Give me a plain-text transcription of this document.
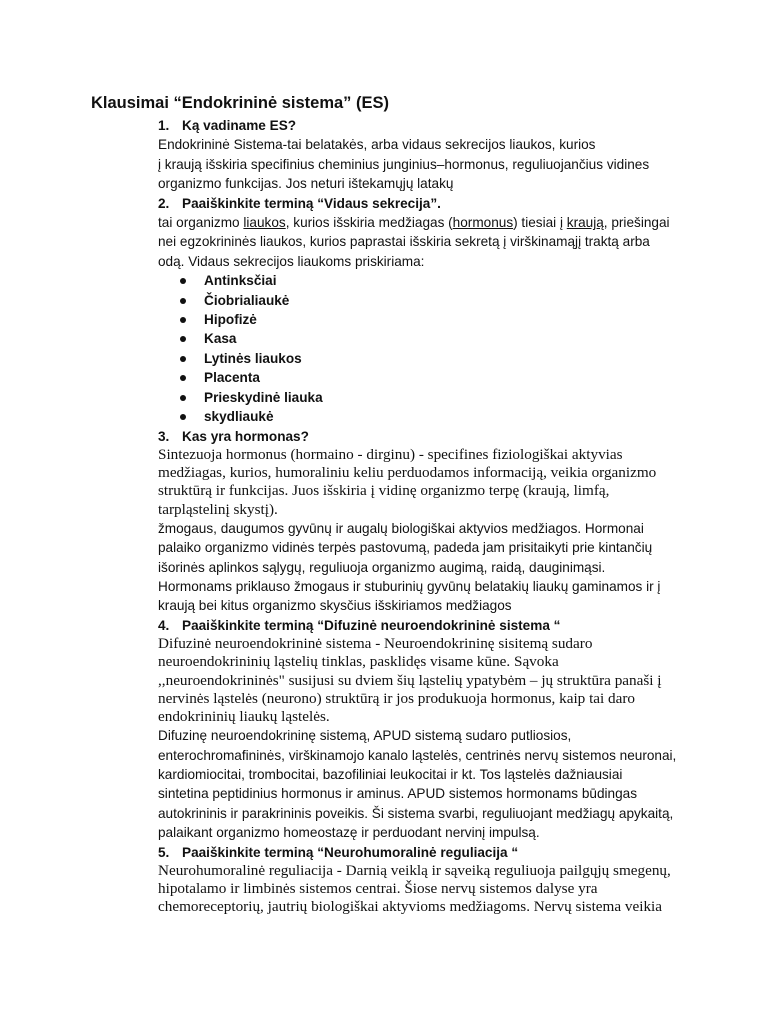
Klausimai “Endokrininė sistema” (ES)
1. Ką vadiname ES?
Endokrininė Sistema-tai belatakės, arba vidaus sekrecijos liaukos, kurios
į kraują išskiria specifinius cheminius junginius–hormonus, reguliuojančius vidines
organizmo funkcijas. Jos neturi ištekamųjų latakų
2. Paaiškinkite terminą “Vidaus sekrecija”.
tai organizmo liaukos, kurios išskiria medžiagas (hormonus) tiesiai į kraują, priešingai
nei egzokrininės liaukos, kurios paprastai išskiria sekretą į virškinamąjį traktą arba
odą. Vidaus sekrecijos liaukoms priskiriama:
Antinksčiai
Čiobrialiaukė
Hipofizė
Kasa
Lytinės liaukos
Placenta
Prieskydinė liauka
skydliaukė
3. Kas yra hormonas?
Sintezuoja hormonus (hormaino - dirginu) - specifines fiziologiškai aktyvias
medžiagas, kurios, humoraliniu keliu perduodamos informaciją, veikia organizmo
struktūrą ir funkcijas. Juos išskiria į vidinę organizmo terpę (kraują, limfą,
tarpląstelinį skystį).
žmogaus, daugumos gyvūnų ir augalų biologiškai aktyvios medžiagos. Hormonai
palaiko organizmo vidinės terpės pastovumą, padeda jam prisitaikyti prie kintančių
išorinės aplinkos sąlygų, reguliuoja organizmo augimą, raidą, dauginimąsi.
Hormonams priklauso žmogaus ir stuburinių gyvūnų belatakių liaukų gaminamos ir į
kraują bei kitus organizmo skysčius išskiriamos medžiagos
4. Paaiškinkite terminą “Difuzinė neuroendokrininė sistema “
Difuzinė neuroendokrininė sistema - Neuroendokrininę sisitemą sudaro
neuroendokrininių ląstelių tinklas, pasklidęs visame kūne. Sąvoka
,,neuroendokrininės" susijusi su dviem šių ląstelių ypatybėm – jų struktūra panaši į
nervinės ląstelės (neurono) struktūrą ir jos produkuoja hormonus, kaip tai daro
endokrininių liaukų ląstelės.
Difuzinę neuroendokrininę sistemą, APUD sistemą sudaro putliosios,
enterochromafininės, virškinamojo kanalo ląstelės, centrinės nervų sistemos neuronai,
kardiomiocitai, trombocitai, bazofiliniai leukocitai ir kt. Tos ląstelės dažniausiai
sintetina peptidinius hormonus ir aminus. APUD sistemos hormonams būdingas
autokrininis ir parakrininis poveikis. Ši sistema svarbi, reguliuojant medžiagų apykaitą,
palaikant organizmo homeostazę ir perduodant nervinį impulsą.
5. Paaiškinkite terminą “Neurohumoralinė reguliacija “
Neurohumoralinė reguliacija - Darnią veiklą ir sąveiką reguliuoja pailgųjų smegenų,
hipotalamo ir limbinės sistemos centrai. Šiose nervų sistemos dalyse yra
chemoreceptorių, jautrių biologiškai aktyvioms medžiagoms. Nervų sistema veikia
